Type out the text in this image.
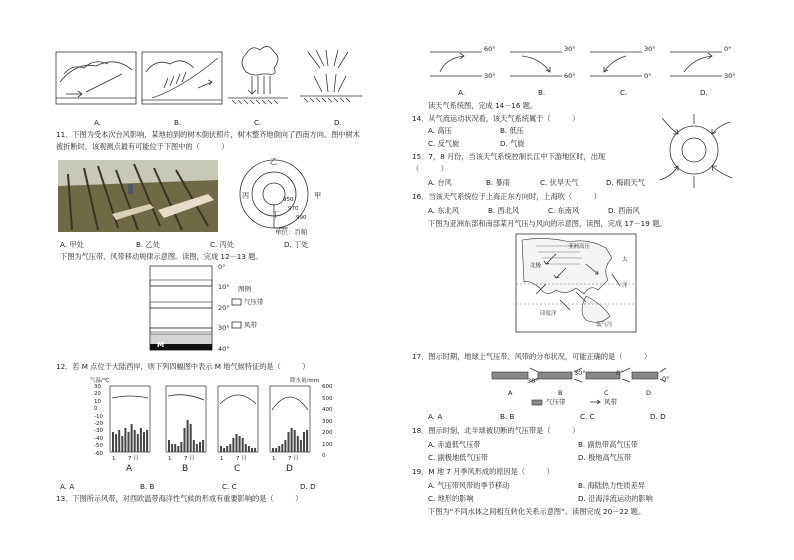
A.	B.	C.	D.
11．下图为受本次台风影响，某地拍到的树木倒伏照片，树木整齐地倒向了西南方向。图中树木
被折断时，该观测点最有可能位于下图中的（　　　）
乙
丙	甲
丁
950
970
990
单位：百帕
A. 甲处	B. 乙处	C. 丙处	D. 丁处
下图为气压带、风带移动规律示意图。读图，完成 12－13 题。
0°
10°
20°
30°
40°
M
图例
气压带
风带
12．若 M 点位于大陆西岸，则下列四幅图中表示 M 地气候特征的是（　　　）
气温/℃	降水量/mm
30
20
10
0
-10
-20
-30
-40
-50
-60
600
500
400
300
200
100
0
1 7 月
A
1 7 月
B
1 7 月
C
1 7 月
D
A. A	B. B	C. C	D. D
13．下图所示风带，对西欧温带海洋性气候的形成有重要影响的是（　　　）
60°
30°
30°
60°
30°
0°
0°
30°
A.	B.	C.	D.
读天气系统图，完成 14－16 题。
14．从气流运动状况看，该天气系统属于（　　　）
A. 高压	B. 低压
C. 反气旋	D. 气旋
15．7，8 月份，当该天气系统控制长江中下游地区时，出现
（　　　）
A. 台风	B. 暴雨	C. 伏旱天气	D. 梅雨天气
16．当该天气系统位于上海正东方向时，上海吹（　　　）
A. 东北风	B. 西北风	C. 东南风	D. 西南风
下图为亚洲东部和南部某月气压与风向的示意图，读图，完成 17－19 题。
亚洲高压
太
北极
洋
印度洋
低气压
17．图示时期，地球上气压带、风带的分布状况，可能正确的是（　　　）
30°
30°	0°
0°
A	B	C	D
气压带	风带
A. A	B. B	C. C	D. D
18．图示时刻，北半球被切断的气压带是（　　　）
A. 赤道低气压带	B. 副热带高气压带
C. 副极地低气压带	D. 极地高气压带
19．M 地 7 月季风形成的原因是（　　　）
A. 气压带风带的季节移动	B. 海陆热力性质差异
C. 地形的影响	D. 沿海洋流运动的影响
下图为“不同水体之间相互转化关系示意图”。读图完成 20－22 题。
